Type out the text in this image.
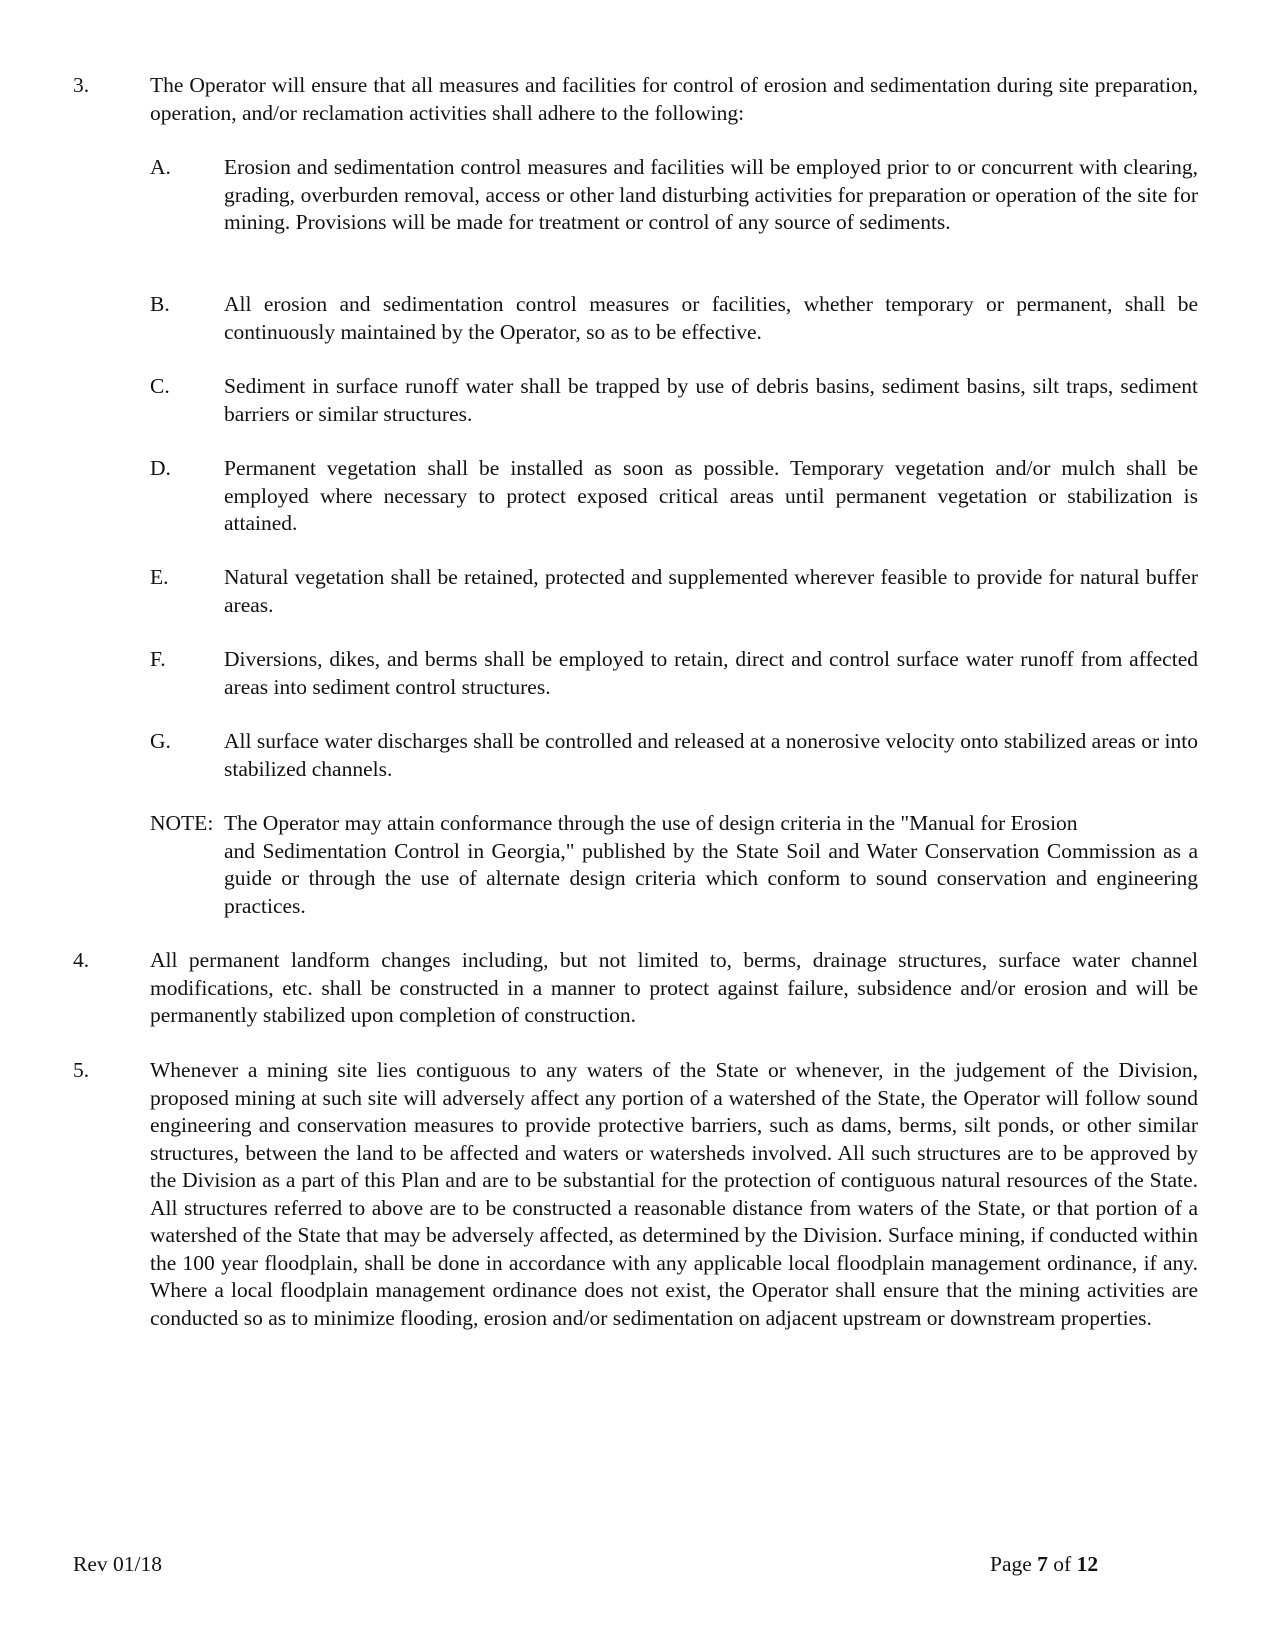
3.	The Operator will ensure that all measures and facilities for control of erosion and sedimentation during site preparation, operation, and/or reclamation activities shall adhere to the following:
A. Erosion and sedimentation control measures and facilities will be employed prior to or concurrent with clearing, grading, overburden removal, access or other land disturbing activities for preparation or operation of the site for mining. Provisions will be made for treatment or control of any source of sediments.
B.	All erosion and sedimentation control measures or facilities, whether temporary or permanent, shall be continuously maintained by the Operator, so as to be effective.
C.	Sediment in surface runoff water shall be trapped by use of debris basins, sediment basins, silt traps, sediment barriers or similar structures.
D. Permanent vegetation shall be installed as soon as possible. Temporary vegetation and/or mulch shall be employed where necessary to protect exposed critical areas until permanent vegetation or stabilization is attained.
E.	Natural vegetation shall be retained, protected and supplemented wherever feasible to provide for natural buffer areas.
F.	Diversions, dikes, and berms shall be employed to retain, direct and control surface water runoff from affected areas into sediment control structures.
G. All surface water discharges shall be controlled and released at a nonerosive velocity onto stabilized areas or into stabilized channels.
NOTE: The Operator may attain conformance through the use of design criteria in the "Manual for Erosion
and Sedimentation Control in Georgia," published by the State Soil and Water Conservation Commission as a guide or through the use of alternate design criteria which conform to sound conservation and engineering practices.
4.	All permanent landform changes including, but not limited to, berms, drainage structures, surface water channel modifications, etc. shall be constructed in a manner to protect against failure, subsidence and/or erosion and will be permanently stabilized upon completion of construction.
5.	Whenever a mining site lies contiguous to any waters of the State or whenever, in the judgement of the Division, proposed mining at such site will adversely affect any portion of a watershed of the State, the Operator will follow sound engineering and conservation measures to provide protective barriers, such as dams, berms, silt ponds, or other similar structures, between the land to be affected and waters or watersheds involved. All such structures are to be approved by the Division as a part of this Plan and are to be substantial for the protection of contiguous natural resources of the State. All structures referred to above are to be constructed a reasonable distance from waters of the State, or that portion of a watershed of the State that may be adversely affected, as determined by the Division. Surface mining, if conducted within the 100 year floodplain, shall be done in accordance with any applicable local floodplain management ordinance, if any. Where a local floodplain management ordinance does not exist, the Operator shall ensure that the mining activities are conducted so as to minimize flooding, erosion and/or sedimentation on adjacent upstream or downstream properties.
Rev 01/18	Page 7 of 12
